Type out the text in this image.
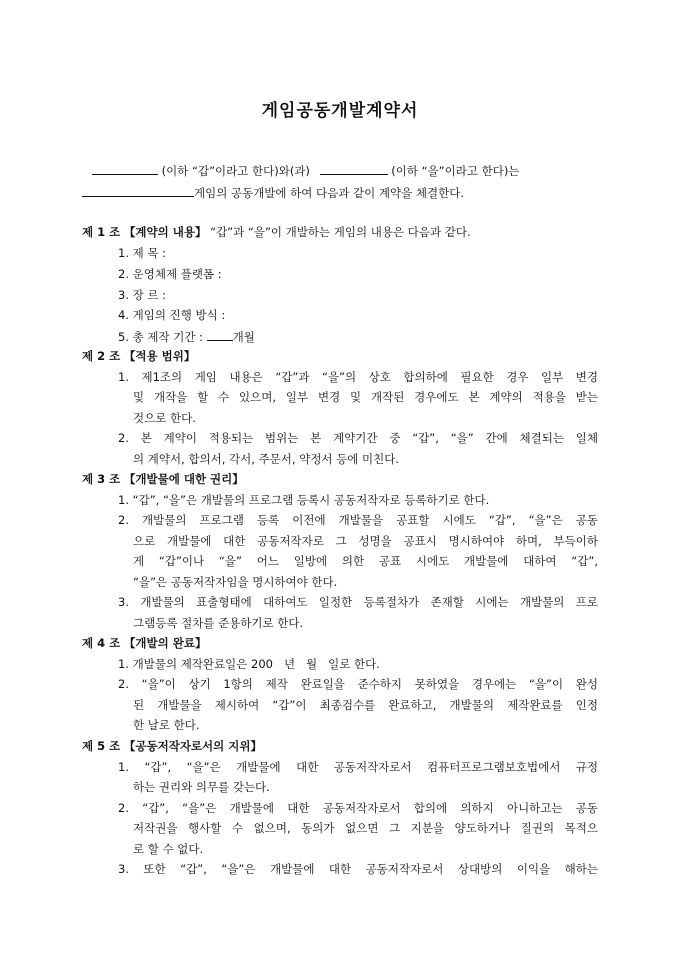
게임공동개발계약서
(이하 “갑”이라고 한다)와(과)	(이하 “을”이라고 한다)는
게임의 공동개발에 하여 다음과 같이 계약을 체결한다.
제 1 조 【계약의 내용】 “갑”과 “을”이 개발하는 게임의 내용은 다음과 같다.
1. 제 목 :
2. 운영체제 플랫폼 :
3. 장 르 :
4. 게임의 진행 방식 :
5. 총 제작 기간 : 개월
제 2 조 【적용 범위】
1. 제1조의 게임 내용은 “갑”과 “을”의 상호 합의하에 필요한 경우 일부 변경
및 개작을 할 수 있으며, 일부 변경 및 개작된 경우에도 본 계약의 적용을 받는
것으로 한다.
2. 본 계약이 적용되는 범위는 본 계약기간 중 “갑”, “을” 간에 체결되는 일체
의 계약서, 합의서, 각서, 주문서, 약정서 등에 미친다.
제 3 조 【개발물에 대한 권리】
1. “갑”, “을”은 개발물의 프로그램 등록시 공동저작자로 등록하기로 한다.
2. 개발물의 프로그램 등록 이전에 개발물을 공표할 시에도 “갑”, “을”은 공동
으로 개발물에 대한 공동저작자로 그 성명을 공표시 명시하여야 하며, 부득이하
게 “갑”이나 “을” 어느 일방에 의한 공표 시에도 개발물에 대하여 “갑”,
“을”은 공동저작자임을 명시하여야 한다.
3. 개발물의 표출형태에 대하여도 일정한 등록절차가 존재할 시에는 개발물의 프로
그램등록 절차를 준용하기로 한다.
제 4 조 【개발의 완료】
1. 개발물의 제작완료일은 200   년   월   일로 한다.
2. “을”이 상기 1항의 제작 완료일을 준수하지 못하였을 경우에는 “을”이 완성
된 개발물을 제시하여 “갑”이 최종검수를 완료하고, 개발물의 제작완료를 인정
한 날로 한다.
제 5 조 【공동저작자로서의 지위】
1. “갑”, “을”은 개발물에 대한 공동저작자로서 컴퓨터프로그램보호법에서 규정
하는 권리와 의무를 갖는다.
2. “갑”, “을”은 개발물에 대한 공동저작자로서 합의에 의하지 아니하고는 공동
저작권을 행사할 수 없으며, 동의가 없으면 그 지분을 양도하거나 질권의 목적으
로 할 수 없다.
3. 또한 “갑”, “을”은 개발물에 대한 공동저작자로서 상대방의 이익을 해하는
